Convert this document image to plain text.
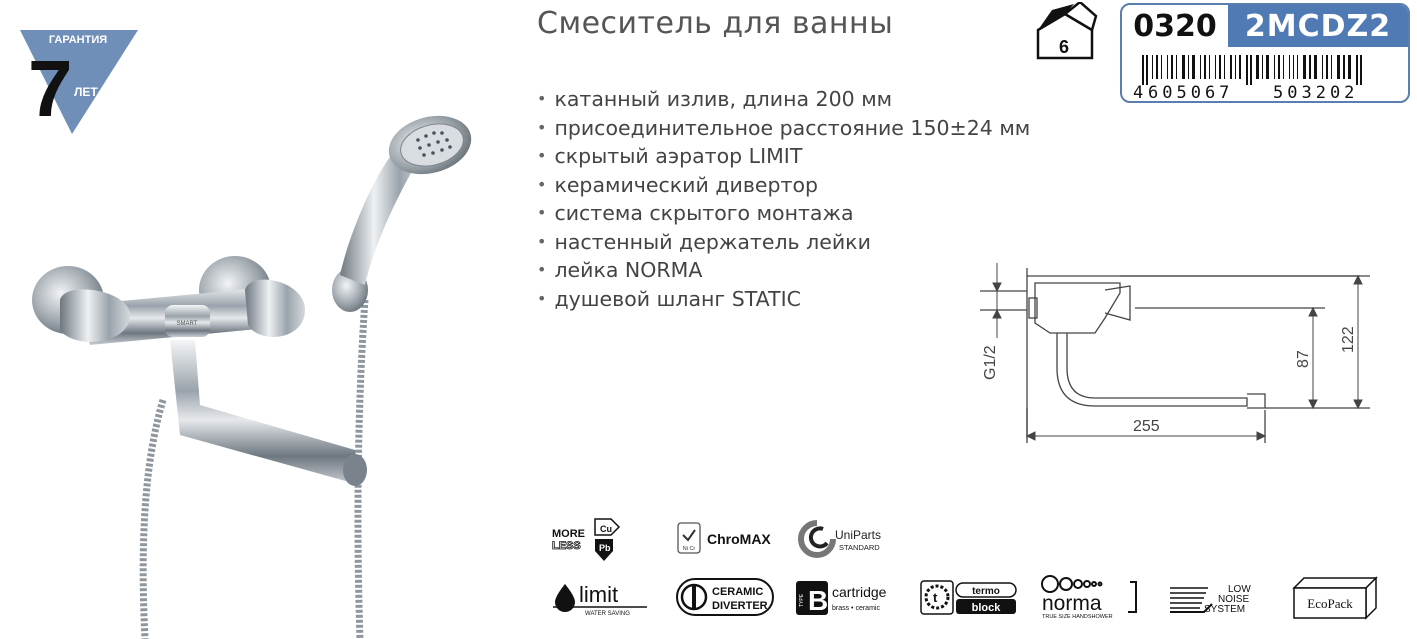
ГАРАНТИЯ
7 ЛЕТ
SMART
Смеситель для ванны
• катанный излив, длина 200 мм
• присоединительное расстояние 150±24 мм
• скрытый аэратор LIMIT
• керамический дивертор
• система скрытого монтажа
• настенный держатель лейки
• лейка NORMA
• душевой шланг STATIC
6
0320 2MCDZ2
4 605067 503202
G1/2	87
122
255
MORE
LESS
Cu
Pb	Ni Cr
ChroMAX	UniParts
STANDARD
limit
WATER SAVING
CERAMIC
DIVERTER	TYPE B cartridge
brass • ceramic
t	termo
block norma
TRUE SIZE HANDSHOWER
LOW
NOISE
SYSTEM	EcoPack
